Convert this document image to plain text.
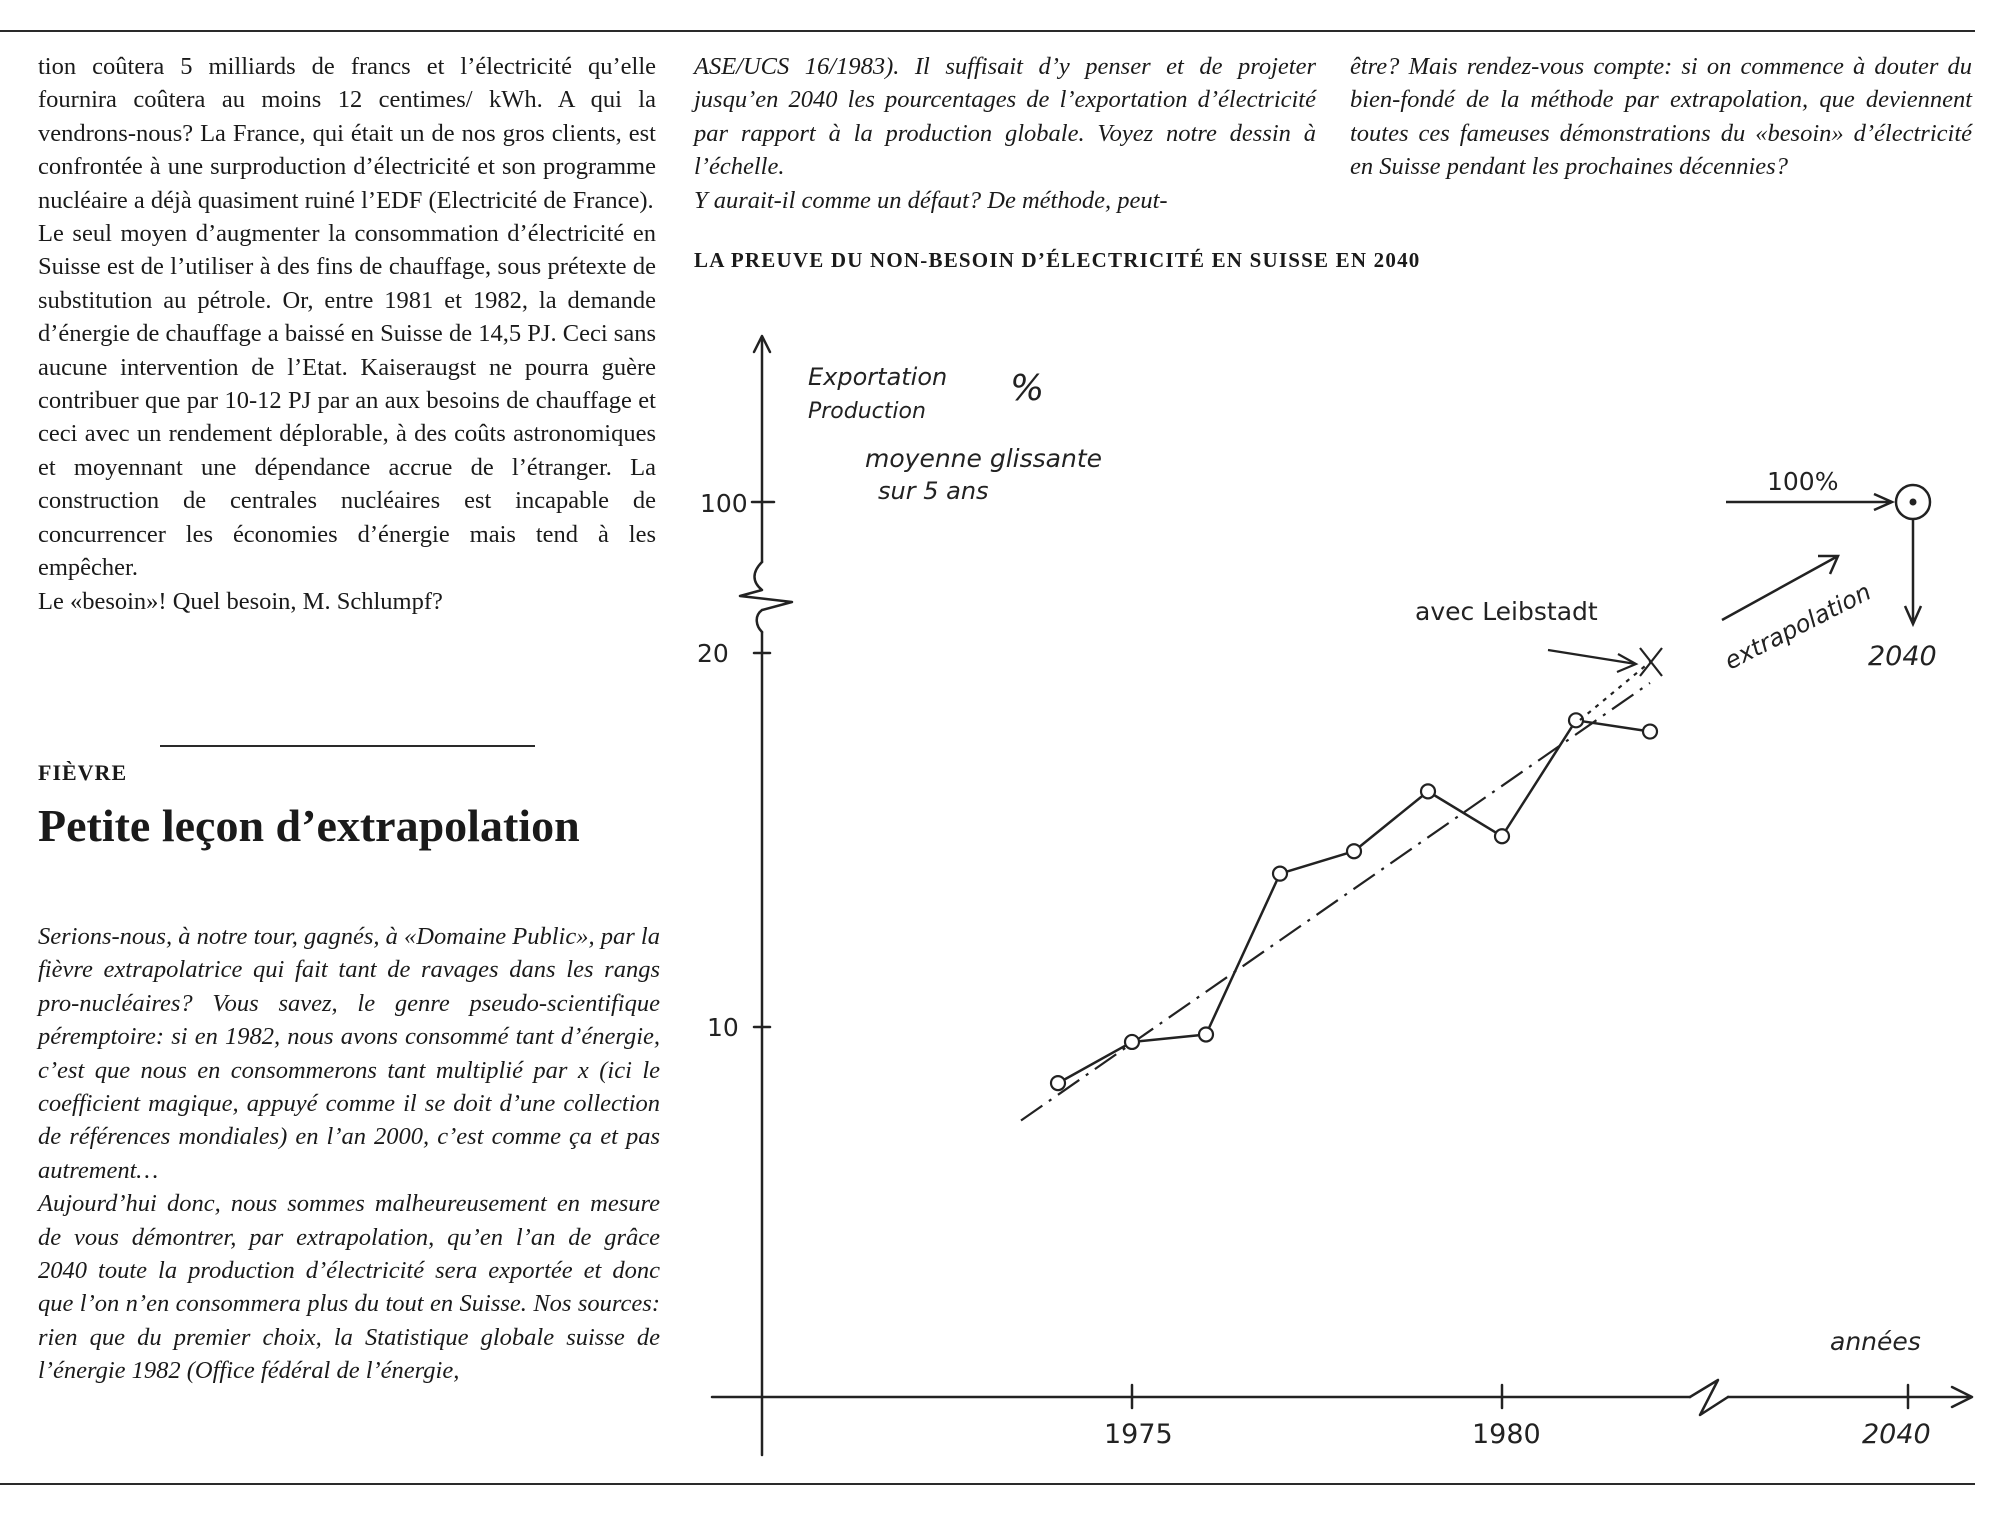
tion coûtera 5 milliards de francs et l’électricité qu’elle fournira coûtera au moins 12 centimes/ kWh. A qui la vendrons-nous? La France, qui était un de nos gros clients, est confrontée à une surproduction d’électricité et son programme nucléaire a déjà quasiment ruiné l’EDF (Electricité de France).

Le seul moyen d’augmenter la consommation d’électricité en Suisse est de l’utiliser à des fins de chauffage, sous prétexte de substitution au pétrole. Or, entre 1981 et 1982, la demande d’énergie de chauffage a baissé en Suisse de 14,5 PJ. Ceci sans aucune intervention de l’Etat. Kaiseraugst ne pourra guère contribuer que par 10-12 PJ par an aux besoins de chauffage et ceci avec un rendement déplorable, à des coûts astronomiques et moyennant une dépendance accrue de l’étranger. La construction de centrales nucléaires est incapable de concurrencer les économies d’énergie mais tend à les empêcher.

Le «besoin»! Quel besoin, M. Schlumpf?

FIÈVRE
Petite leçon d’extrapolation

Serions-nous, à notre tour, gagnés, à «Domaine Public», par la fièvre extrapolatrice qui fait tant de ravages dans les rangs pro-nucléaires? Vous savez, le genre pseudo-scientifique péremptoire: si en 1982, nous avons consommé tant d’énergie, c’est que nous en consommerons tant multiplié par x (ici le coefficient magique, appuyé comme il se doit d’une collection de références mondiales) en l’an 2000, c’est comme ça et pas autrement…

Aujourd’hui donc, nous sommes malheureusement en mesure de vous démontrer, par extrapolation, qu’en l’an de grâce 2040 toute la production d’électricité sera exportée et donc que l’on n’en consommera plus du tout en Suisse. Nos sources: rien que du premier choix, la Statistique globale suisse de l’énergie 1982 (Office fédéral de l’énergie,

ASE/UCS 16/1983). Il suffisait d’y penser et de projeter jusqu’en 2040 les pourcentages de l’exportation d’électricité par rapport à la production globale. Voyez notre dessin à l’échelle.

Y aurait-il comme un défaut? De méthode, peut-

être? Mais rendez-vous compte: si on commence à douter du bien-fondé de la méthode par extrapolation, que deviennent toutes ces fameuses démonstrations du «besoin» d’électricité en Suisse pendant les prochaines décennies?

LA PREUVE DU NON-BESOIN D’ÉLECTRICITÉ EN SUISSE EN 2040
100
20
10
1975	1980	2040
années
Exportation
Production
%
moyenne glissante
sur 5 ans
avec Leibstadt
100%
2040
extrapolation
